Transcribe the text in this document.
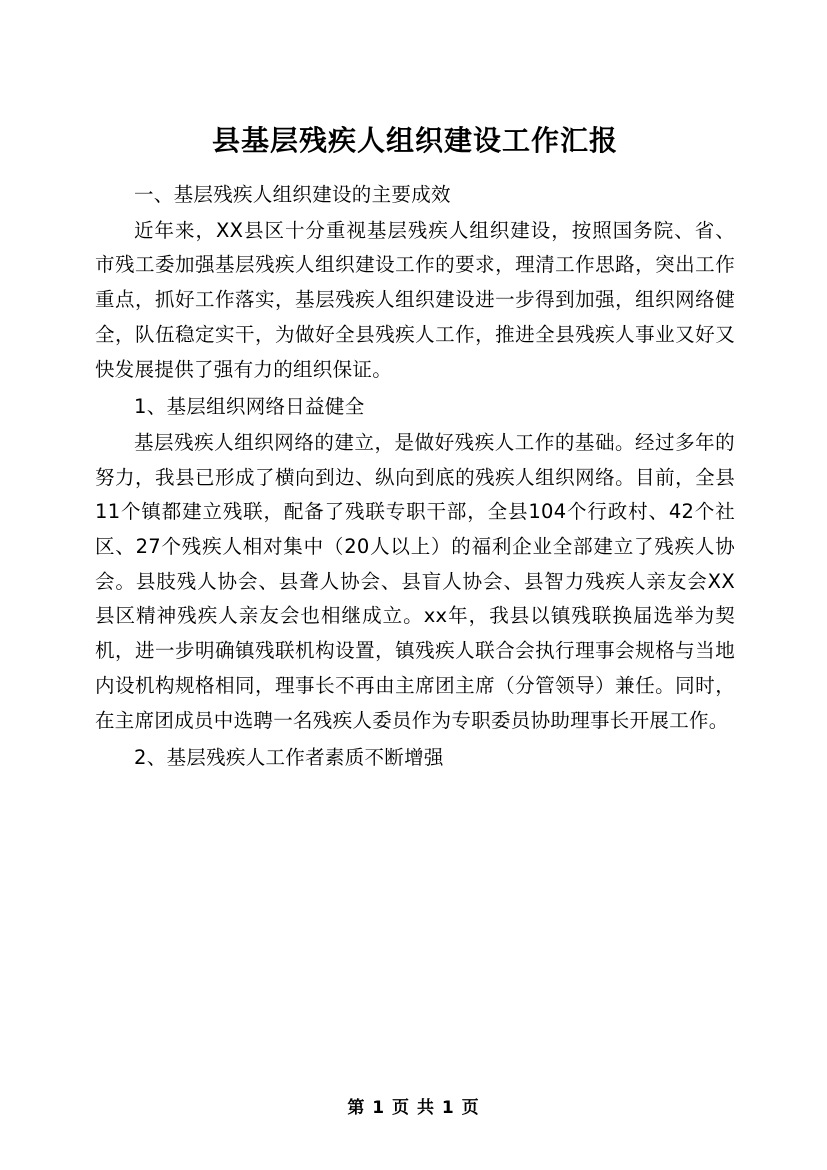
县基层残疾人组织建设工作汇报

一、基层残疾人组织建设的主要成效

近年来，XX县区十分重视基层残疾人组织建设，按照国务院、省、市残工委加强基层残疾人组织建设工作的要求，理清工作思路，突出工作重点，抓好工作落实，基层残疾人组织建设进一步得到加强，组织网络健全，队伍稳定实干，为做好全县残疾人工作，推进全县残疾人事业又好又快发展提供了强有力的组织保证。

1、基层组织网络日益健全

基层残疾人组织网络的建立，是做好残疾人工作的基础。经过多年的努力，我县已形成了横向到边、纵向到底的残疾人组织网络。目前，全县11个镇都建立残联，配备了残联专职干部，全县104个行政村、42个社区、27个残疾人相对集中（20人以上）的福利企业全部建立了残疾人协会。县肢残人协会、县聋人协会、县盲人协会、县智力残疾人亲友会XX县区精神残疾人亲友会也相继成立。xx年，我县以镇残联换届选举为契机，进一步明确镇残联机构设置，镇残疾人联合会执行理事会规格与当地内设机构规格相同，理事长不再由主席团主席（分管领导）兼任。同时，在主席团成员中选聘一名残疾人委员作为专职委员协助理事长开展工作。

2、基层残疾人工作者素质不断增强

第 1 页 共 1 页
